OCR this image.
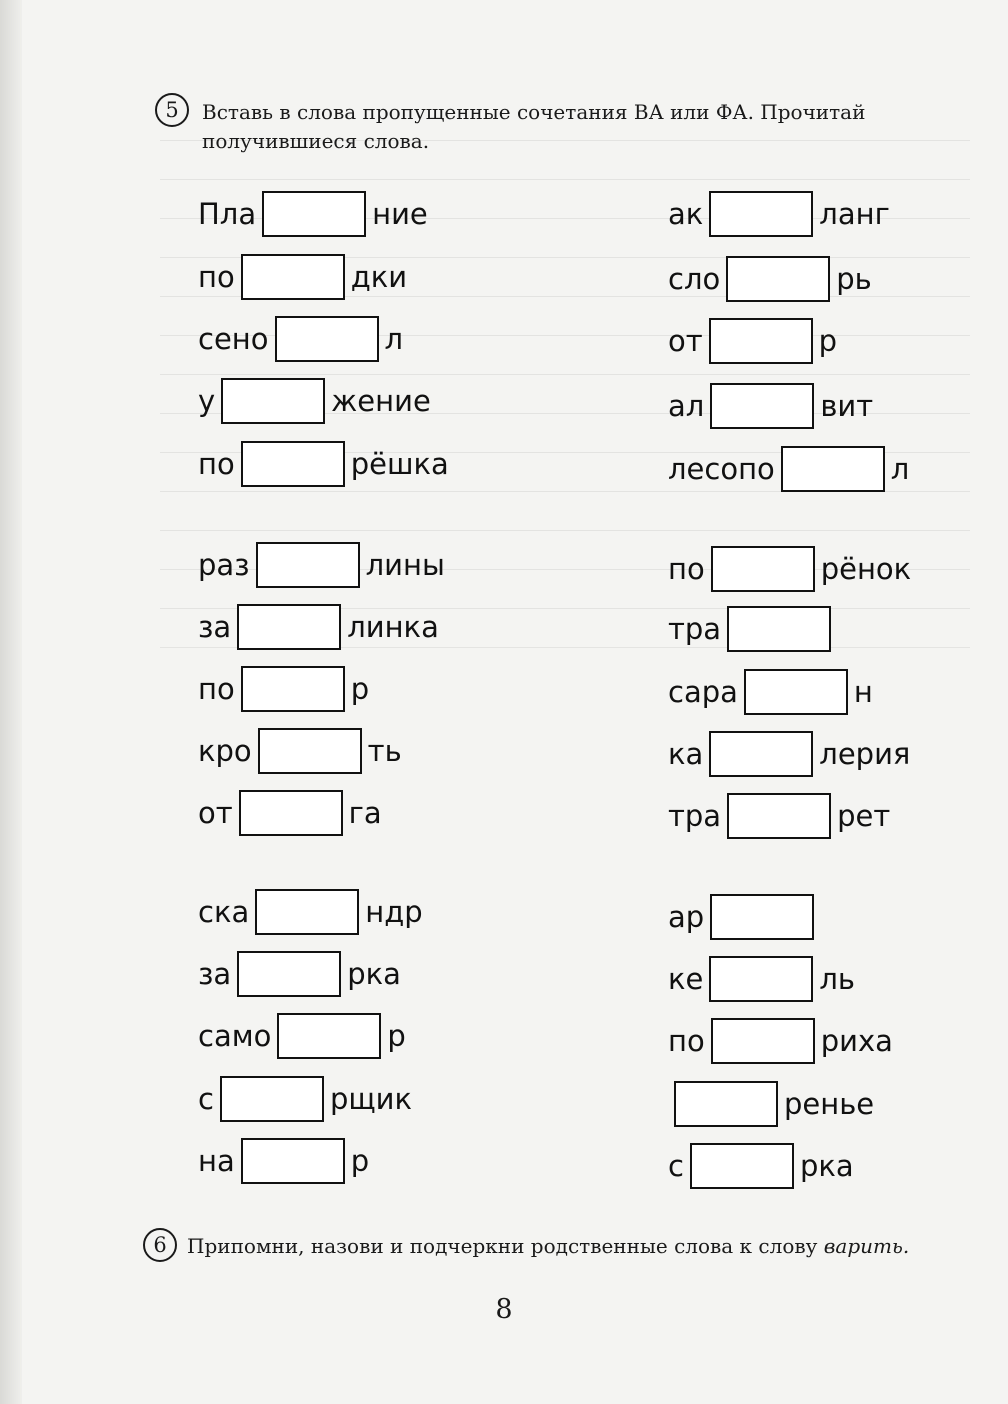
5	Вставь в слова пропущенные сочетания ВА или ФА. Прочитай получившиеся слова.
Пла	ние
по	дки
сено	л
у	жение
по	рёшка
раз	лины
за	линка
по	р
кро	ть
от	га
ска	ндр
за	рка
само	р
с	рщик
на	р
ак	ланг
сло	рь
от	р
ал	вит
лесопо	л
по	рёнок
тра
сара	н
ка	лерия
тра	рет
ар
ке	ль
по	риха
ренье
с	рка
6	Припомни, назови и подчеркни родственные слова к слову варить.
8
